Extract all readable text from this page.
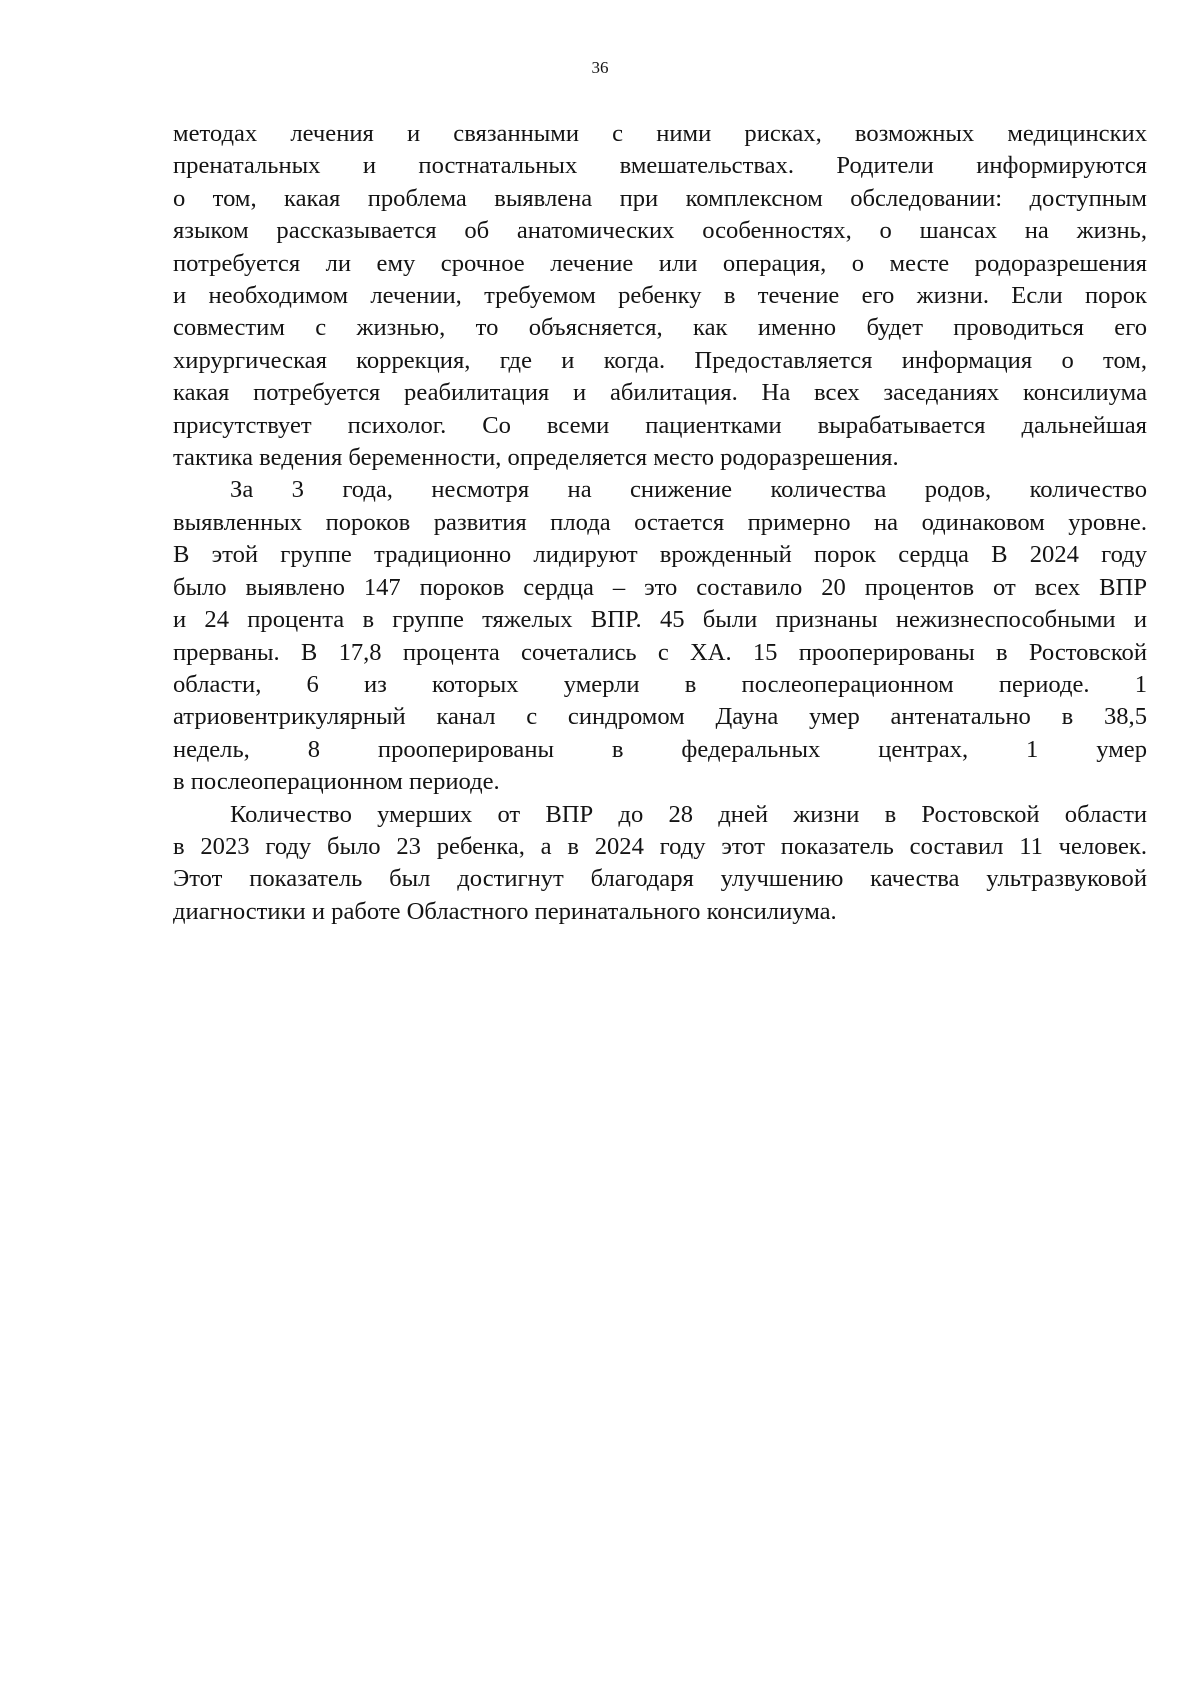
36
методах лечения и связанными с ними рисках, возможных медицинских
пренатальных и постнатальных вмешательствах. Родители информируются
о том, какая проблема выявлена при комплексном обследовании: доступным
языком рассказывается об анатомических особенностях, о шансах на жизнь,
потребуется ли ему срочное лечение или операция, о месте родоразрешения
и необходимом лечении, требуемом ребенку в течение его жизни. Если порок
совместим с жизнью, то объясняется, как именно будет проводиться его
хирургическая коррекция, где и когда. Предоставляется информация о том,
какая потребуется реабилитация и абилитация. На всех заседаниях консилиума
присутствует психолог. Со всеми пациентками вырабатывается дальнейшая
тактика ведения беременности, определяется место родоразрешения.
За 3 года, несмотря на снижение количества родов, количество
выявленных пороков развития плода остается примерно на одинаковом уровне.
В этой группе традиционно лидируют врожденный порок сердца В 2024 году
было выявлено 147 пороков сердца – это составило 20 процентов от всех ВПР
и 24 процента в группе тяжелых ВПР. 45 были признаны нежизнеспособными и
прерваны. В 17,8 процента сочетались с ХА. 15 прооперированы в Ростовской
области, 6 из которых умерли в послеоперационном периоде. 1
атриовентрикулярный канал с синдромом Дауна умер антенатально в 38,5
недель, 8 прооперированы в федеральных центрах, 1 умер
в послеоперационном периоде.
Количество умерших от ВПР до 28 дней жизни в Ростовской области
в 2023 году было 23 ребенка, а в 2024 году этот показатель составил 11 человек.
Этот показатель был достигнут благодаря улучшению качества ультразвуковой
диагностики и работе Областного перинатального консилиума.
